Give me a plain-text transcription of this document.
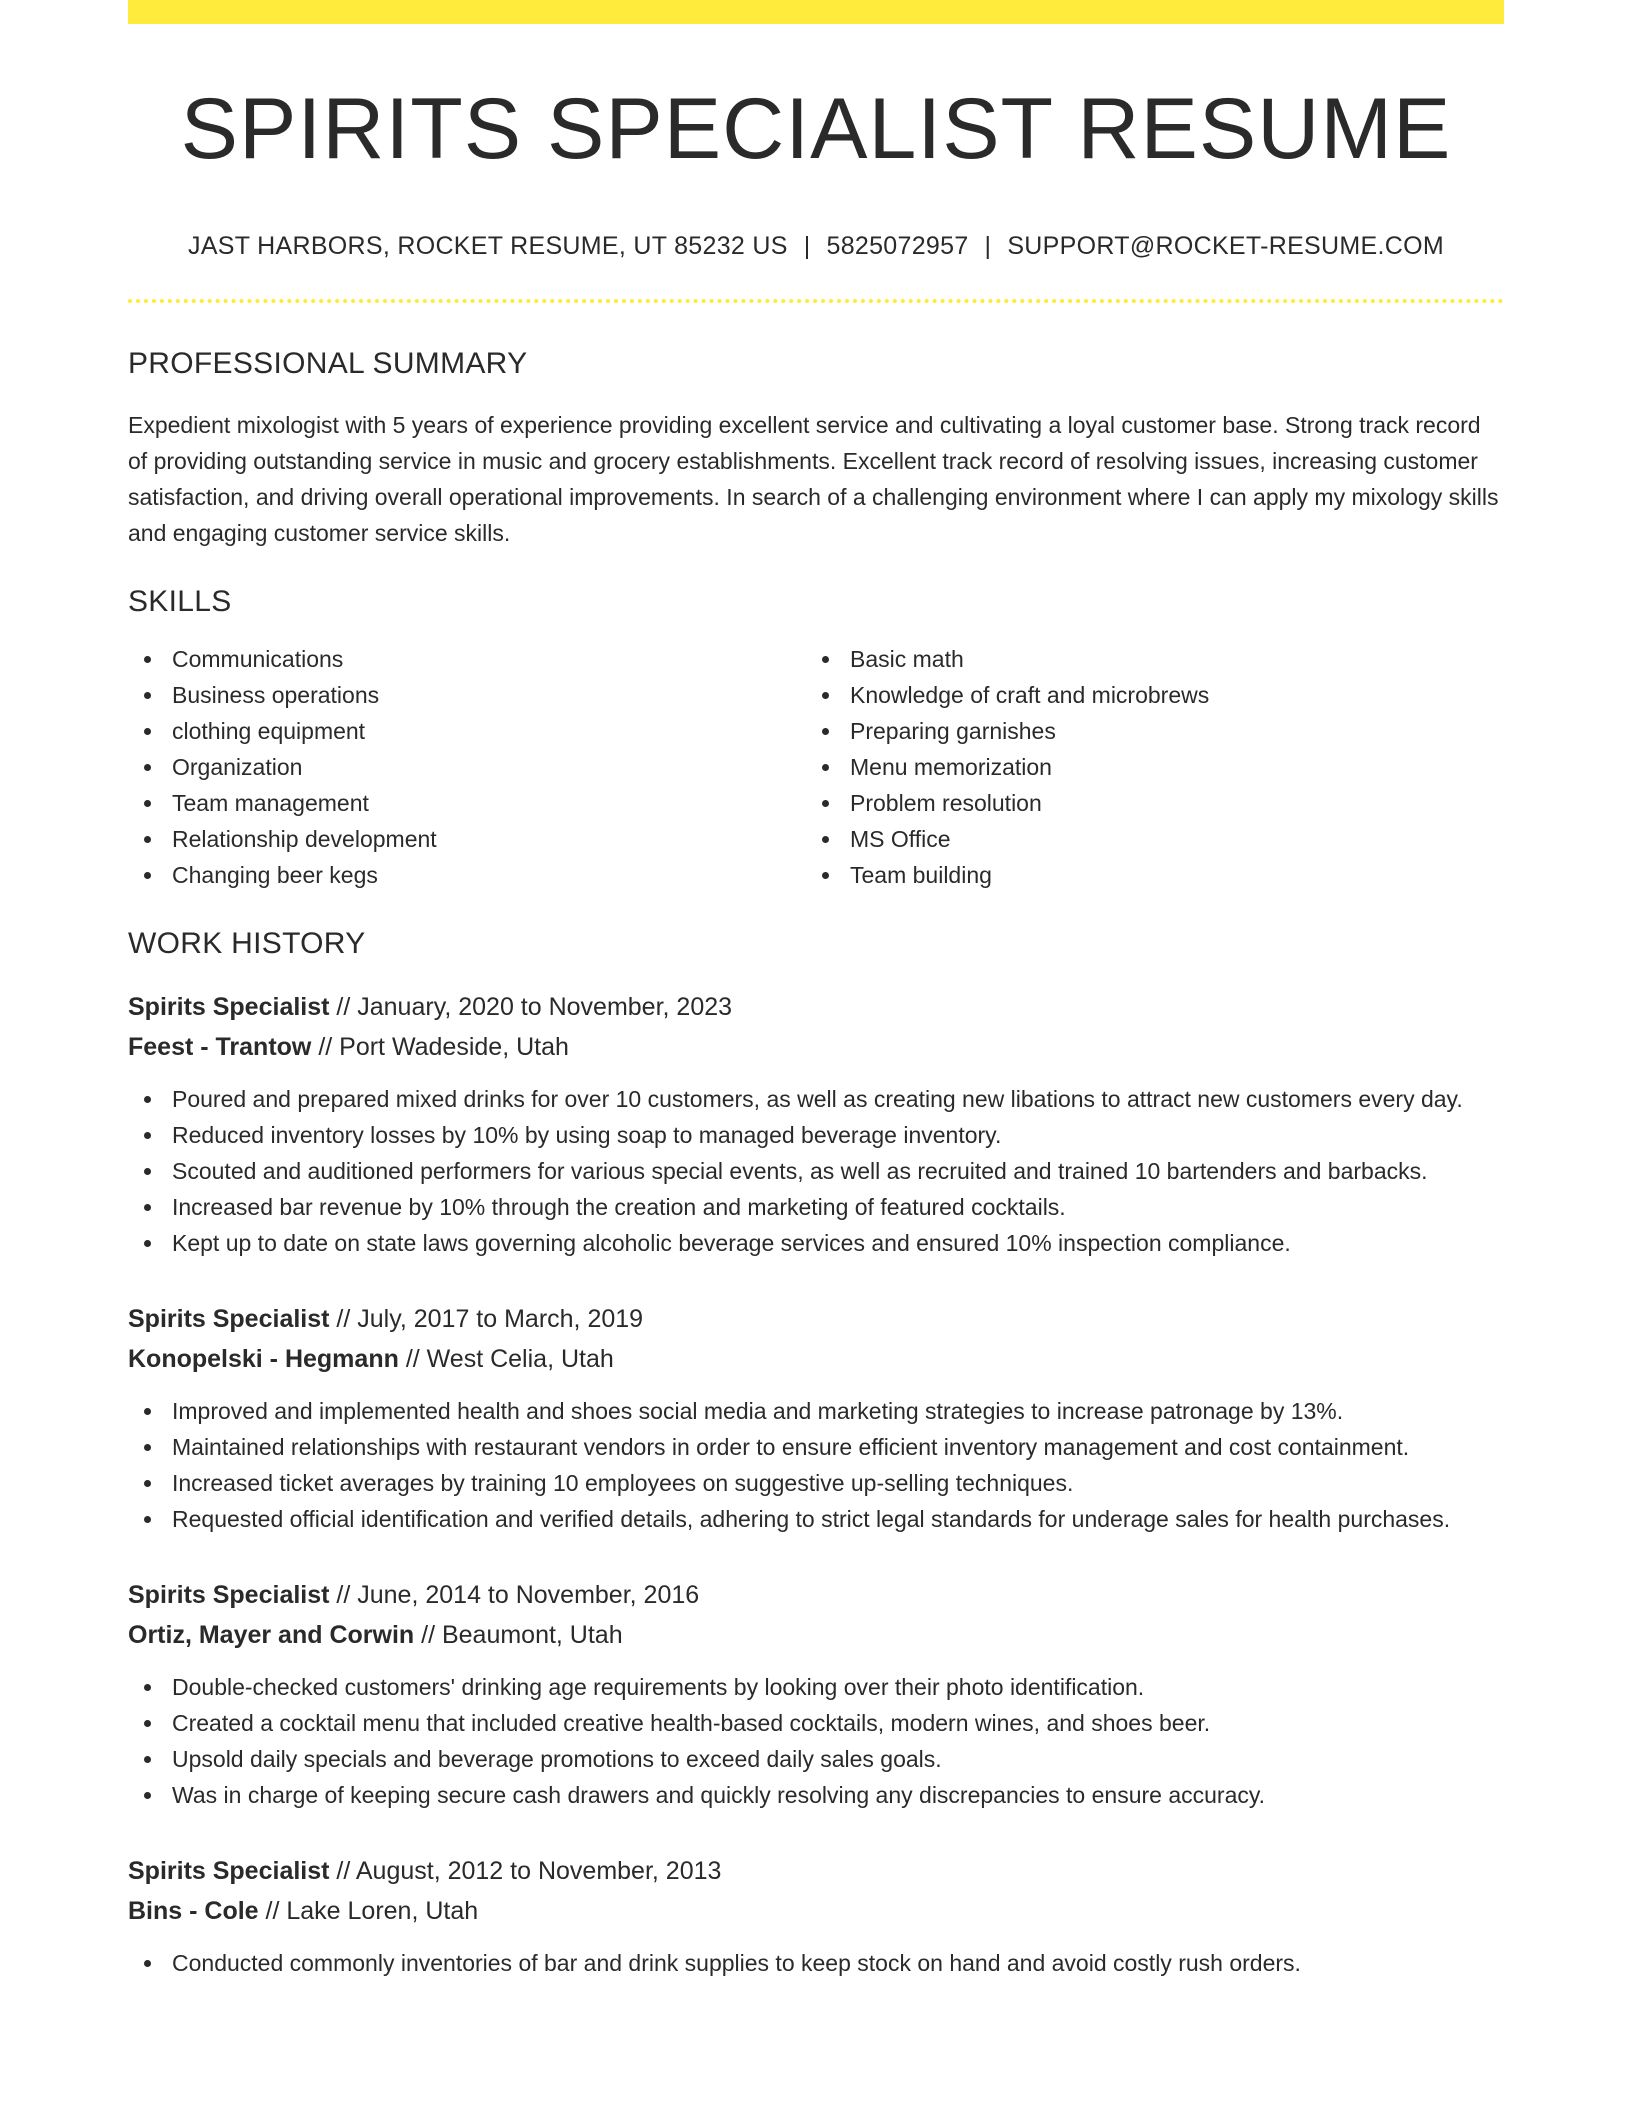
SPIRITS SPECIALIST RESUME
JAST HARBORS, ROCKET RESUME, UT 85232 US | 5825072957 | SUPPORT@ROCKET-RESUME.COM
PROFESSIONAL SUMMARY

Expedient mixologist with 5 years of experience providing excellent service and cultivating a loyal customer base. Strong track record of providing outstanding service in music and grocery establishments. Excellent track record of resolving issues, increasing customer satisfaction, and driving overall operational improvements. In search of a challenging environment where I can apply my mixology skills and engaging customer service skills.

SKILLS
Communications
Business operations
clothing equipment
Organization
Team management
Relationship development
Changing beer kegs
Basic math
Knowledge of craft and microbrews
Preparing garnishes
Menu memorization
Problem resolution
MS Office
Team building
WORK HISTORY
Spirits Specialist // January, 2020 to November, 2023
Feest - Trantow // Port Wadeside, Utah
Poured and prepared mixed drinks for over 10 customers, as well as creating new libations to attract new customers every day.
Reduced inventory losses by 10% by using soap to managed beverage inventory.
Scouted and auditioned performers for various special events, as well as recruited and trained 10 bartenders and barbacks.
Increased bar revenue by 10% through the creation and marketing of featured cocktails.
Kept up to date on state laws governing alcoholic beverage services and ensured 10% inspection compliance.
Spirits Specialist // July, 2017 to March, 2019
Konopelski - Hegmann // West Celia, Utah
Improved and implemented health and shoes social media and marketing strategies to increase patronage by 13%.
Maintained relationships with restaurant vendors in order to ensure efficient inventory management and cost containment.
Increased ticket averages by training 10 employees on suggestive up-selling techniques.
Requested official identification and verified details, adhering to strict legal standards for underage sales for health purchases.
Spirits Specialist // June, 2014 to November, 2016
Ortiz, Mayer and Corwin // Beaumont, Utah
Double-checked customers' drinking age requirements by looking over their photo identification.
Created a cocktail menu that included creative health-based cocktails, modern wines, and shoes beer.
Upsold daily specials and beverage promotions to exceed daily sales goals.
Was in charge of keeping secure cash drawers and quickly resolving any discrepancies to ensure accuracy.
Spirits Specialist // August, 2012 to November, 2013
Bins - Cole // Lake Loren, Utah
Conducted commonly inventories of bar and drink supplies to keep stock on hand and avoid costly rush orders.
